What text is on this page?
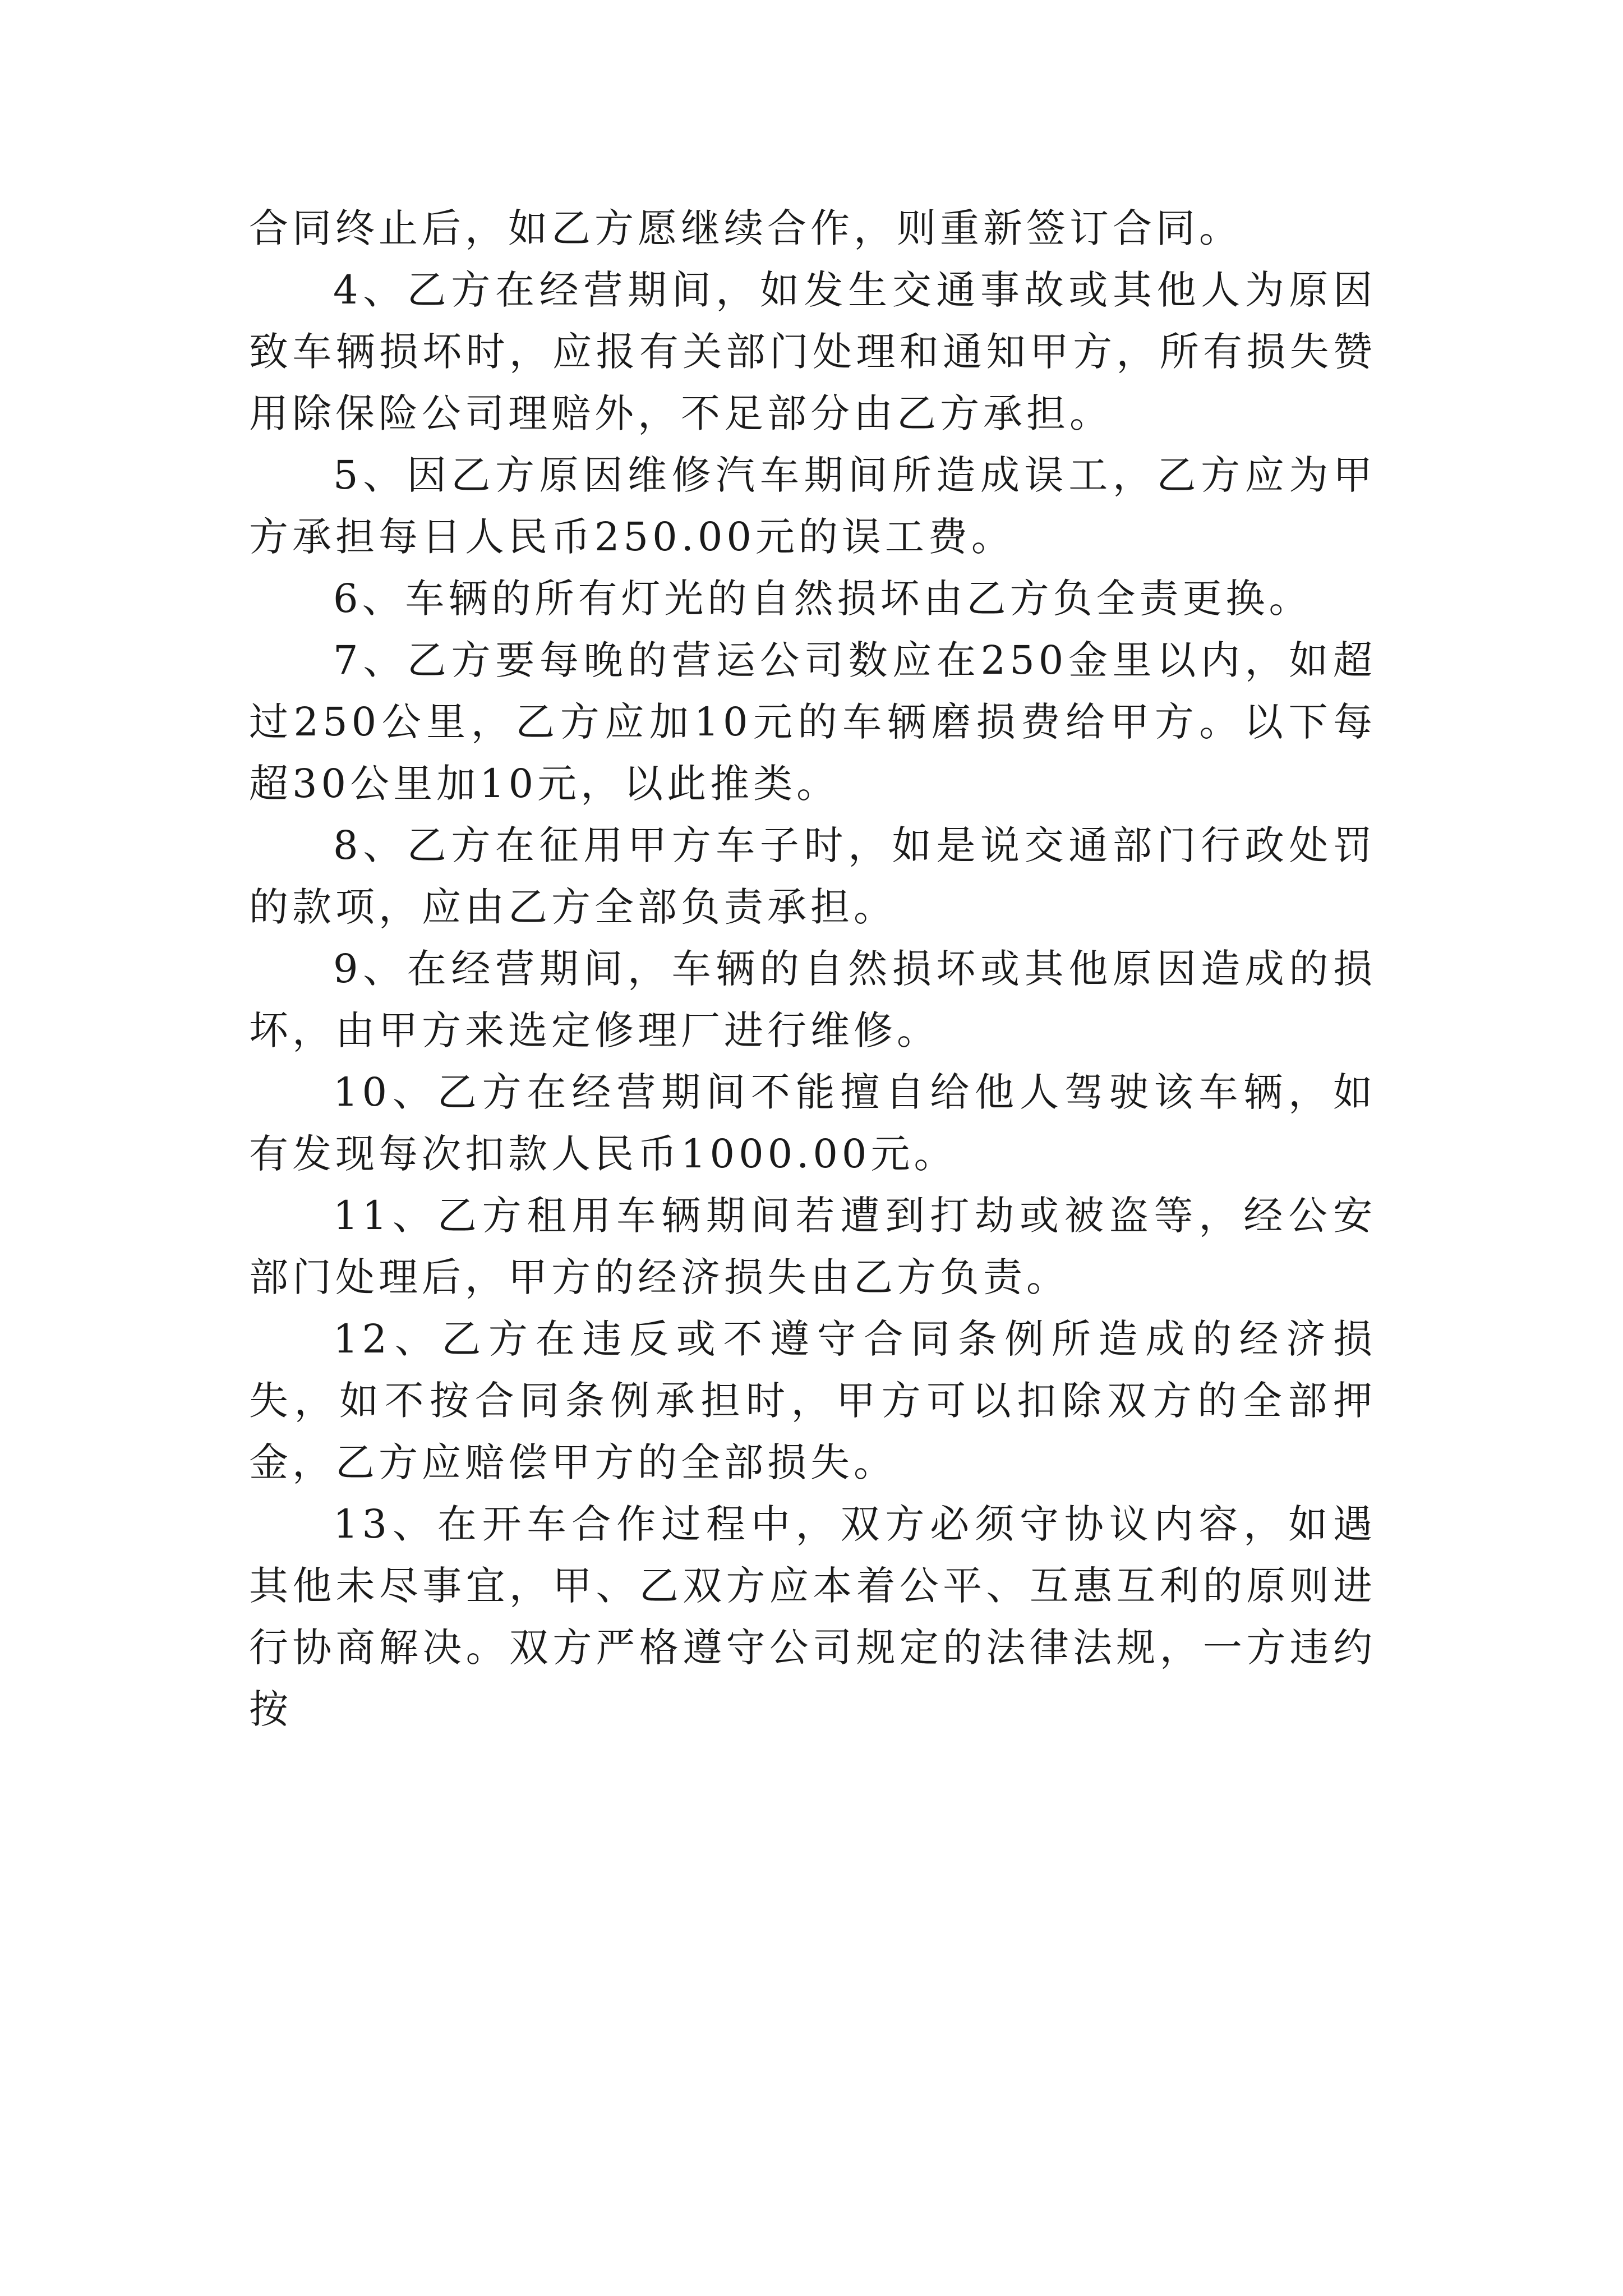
合同终止后，如乙方愿继续合作，则重新签订合同。

4、乙方在经营期间，如发生交通事故或其他人为原因致车辆损坏时，应报有关部门处理和通知甲方，所有损失赞用除保险公司理赔外，不足部分由乙方承担。

5、因乙方原因维修汽车期间所造成误工，乙方应为甲方承担每日人民币250.00元的误工费。

6、车辆的所有灯光的自然损坏由乙方负全责更换。

7、乙方要每晚的营运公司数应在250金里以内，如超过250公里，乙方应加10元的车辆磨损费给甲方。以下每超30公里加10元，以此推类。

8、乙方在征用甲方车子时，如是说交通部门行政处罚的款项，应由乙方全部负责承担。

9、在经营期间，车辆的自然损坏或其他原因造成的损坏，由甲方来选定修理厂进行维修。

10、乙方在经营期间不能擅自给他人驾驶该车辆，如有发现每次扣款人民币1000.00元。

11、乙方租用车辆期间若遭到打劫或被盗等，经公安部门处理后，甲方的经济损失由乙方负责。

12、乙方在违反或不遵守合同条例所造成的经济损失，如不按合同条例承担时，甲方可以扣除双方的全部押金，乙方应赔偿甲方的全部损失。

13、在开车合作过程中，双方必须守协议内容，如遇其他未尽事宜，甲、乙双方应本着公平、互惠互利的原则进行协商解决。双方严格遵守公司规定的法律法规，一方违约按
